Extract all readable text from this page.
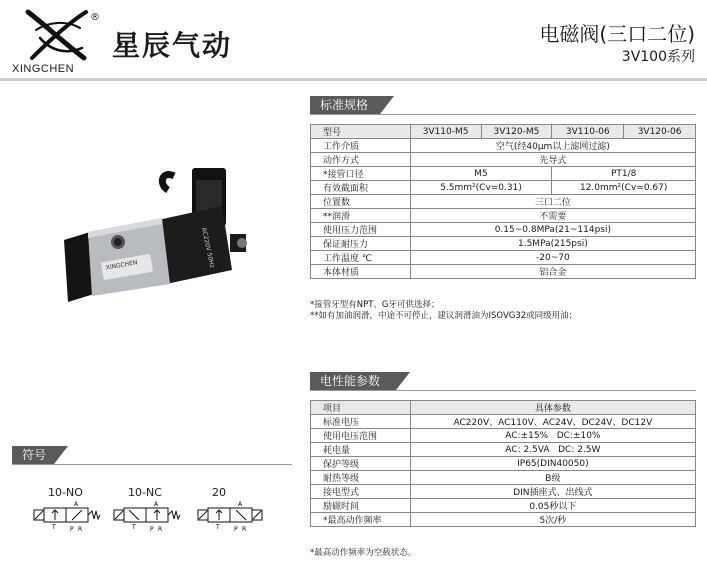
®
XINGCHEN
星辰气动	电磁阀(三口二位)
3V100系列
AC220V 50Hz
XINGCHEN
标准规格
型号	3V110-M5	3V120-M5	3V110-06	3V120-06
工作介质	空气(经40μm以上滤网过滤)			
动作方式	先导式			
*接管口径	M5		PT1/8	
有效截面积	5.5mm²(Cv=0.31)		12.0mm²(Cv=0.67)	
位置数	三口二位			
**润滑	不需要			
使用压力范围	0.15~0.8MPa(21~114psi)			
保证耐压力	1.5MPa(215psi)			
工作温度 ℃	-20~70			
本体材质	铝合金			
*接管牙型有NPT、G牙可供选择；
**如有加油润滑，中途不可停止，建议润滑油为ISOVG32或同级用油；
电性能参数
项目	具体参数
标准电压	AC220V、AC110V、AC24V、DC24V、DC12V
使用电压范围	AC:±15%   DC:±10%
耗电量	AC: 2.5VA   DC: 2.5W
保护等级	IP65(DIN40050)
耐热等级	B级
接电型式	DIN插座式、出线式
励磁时间	0.05秒以下
*最高动作频率	5次/秒
*最高动作频率为空载状态。
符号
10-NO	10-NC	20
A
P R
T
A
P R
T
A
P R
T
